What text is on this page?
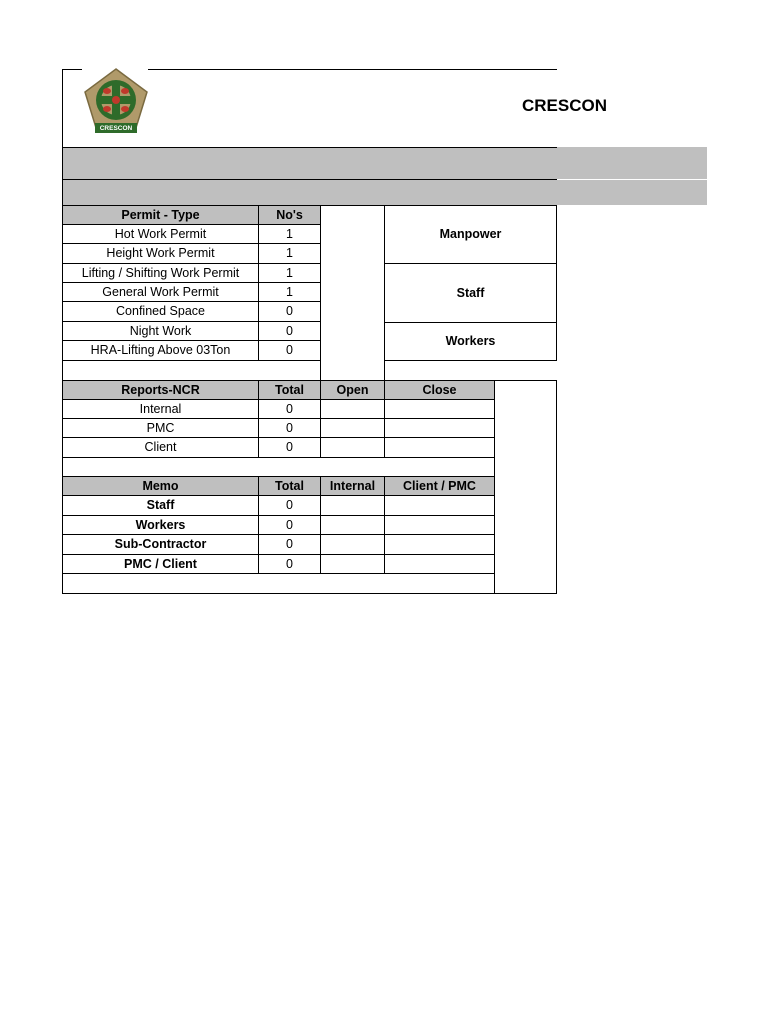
CRESCON
CRESCON
Permit - Type	No's
Hot Work Permit	1
Height Work Permit	1
Lifting / Shifting Work Permit	1
General Work Permit	1
Confined Space	0
Night Work	0
HRA-Lifting Above 03Ton	0
Manpower
Staff
Workers
Reports-NCR	Total	Open	Close
Internal	0
PMC	0
Client	0
Memo	Total	Internal	Client / PMC
Staff	0
Workers	0
Sub-Contractor	0
PMC / Client	0
